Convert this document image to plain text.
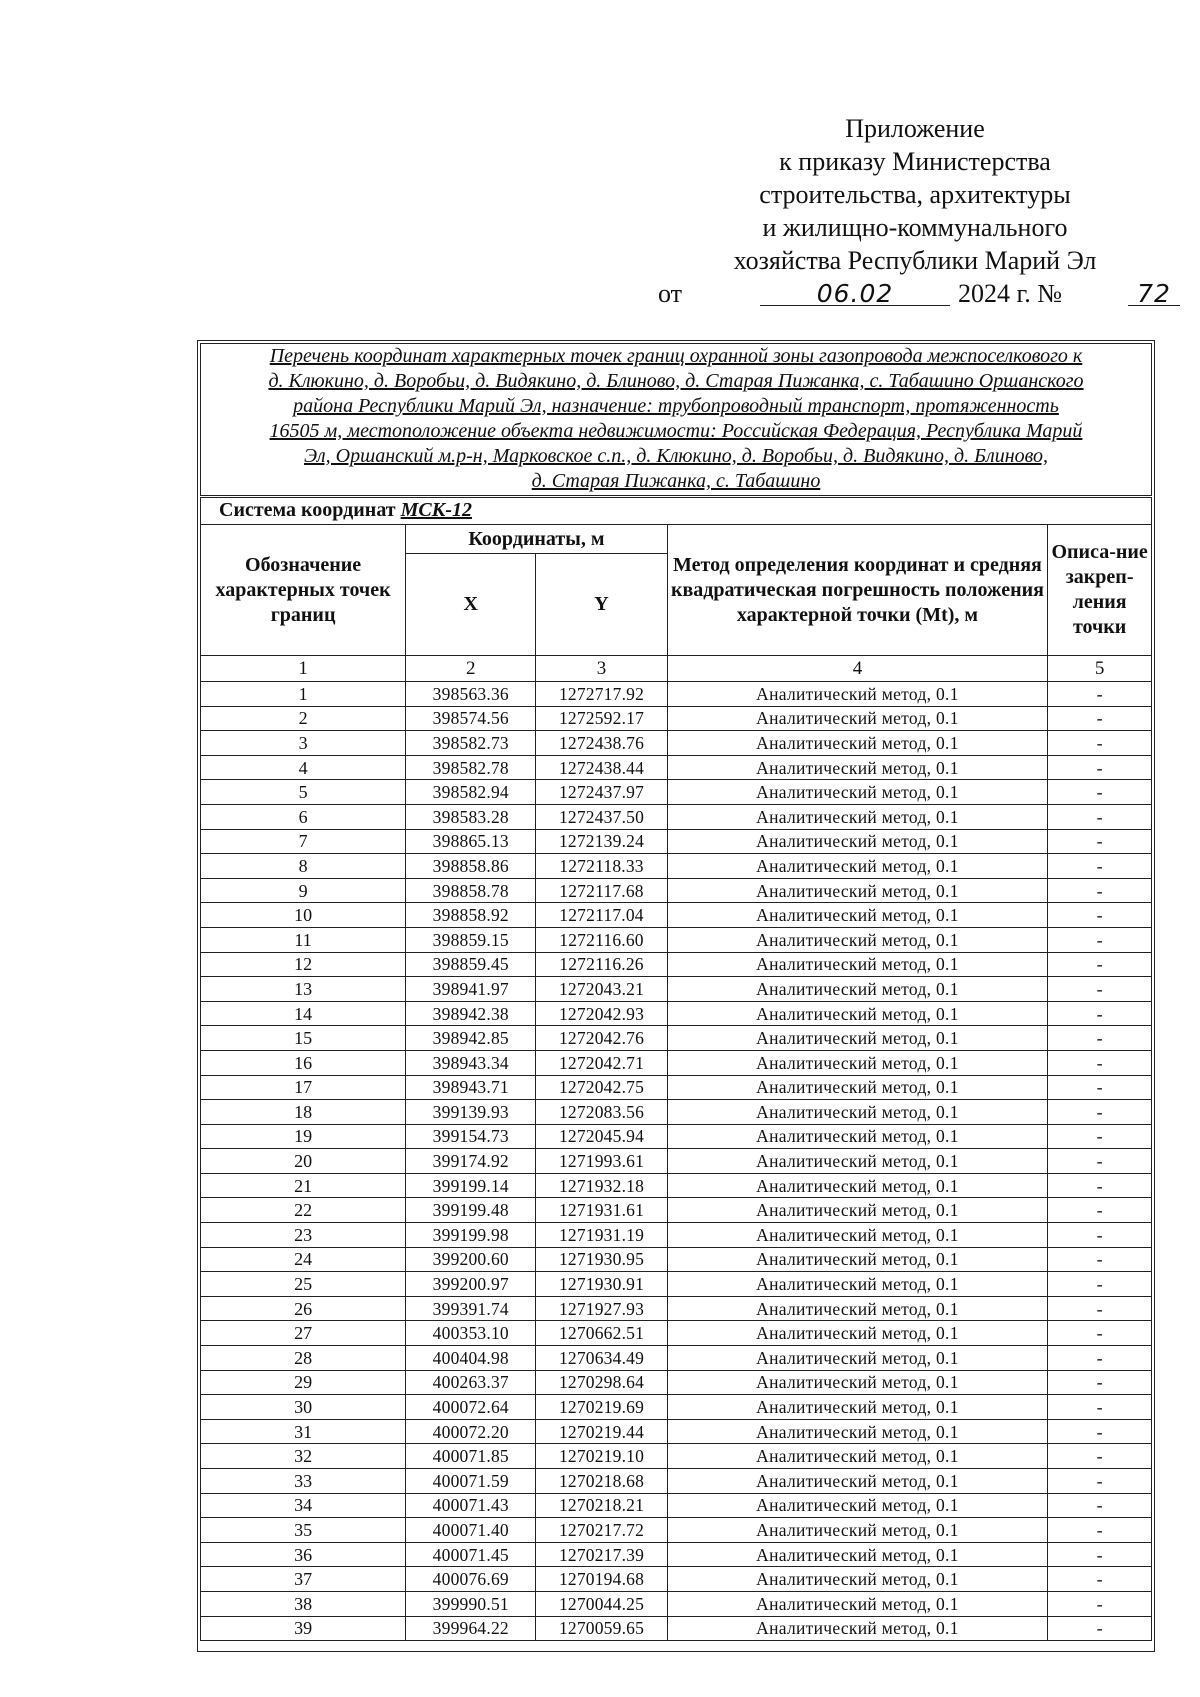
Приложение
к приказу Министерства
строительства, архитектуры
и жилищно-коммунального
хозяйства Республики Марий Эл
от	06.02	2024 г. №	72
Перечень координат характерных точек границ охранной зоны газопровода межпоселкового к
д. Клюкино, д. Воробьи, д. Видякино, д. Блиново, д. Старая Пижанка, с. Табашино Оршанского
района Республики Марий Эл, назначение: трубопроводный транспорт, протяженность
16505 м, местоположение объекта недвижимости: Российская Федерация, Республика Марий
Эл, Оршанский м.р-н, Марковское с.п., д. Клюкино, д. Воробьи, д. Видякино, д. Блиново,
д. Старая Пижанка, с. Табашино
Система координат МСК-12
Обозначение характерных точек границ	Координаты, м		Метод определения координат и средняя квадратическая погрешность положения характерной точки (Mt), м	Описа-ние закреп-ления точки
	X	Y		
1	2	3	4	5
1	398563.36	1272717.92	Аналитический метод, 0.1	-
2	398574.56	1272592.17	Аналитический метод, 0.1	-
3	398582.73	1272438.76	Аналитический метод, 0.1	-
4	398582.78	1272438.44	Аналитический метод, 0.1	-
5	398582.94	1272437.97	Аналитический метод, 0.1	-
6	398583.28	1272437.50	Аналитический метод, 0.1	-
7	398865.13	1272139.24	Аналитический метод, 0.1	-
8	398858.86	1272118.33	Аналитический метод, 0.1	-
9	398858.78	1272117.68	Аналитический метод, 0.1	-
10	398858.92	1272117.04	Аналитический метод, 0.1	-
11	398859.15	1272116.60	Аналитический метод, 0.1	-
12	398859.45	1272116.26	Аналитический метод, 0.1	-
13	398941.97	1272043.21	Аналитический метод, 0.1	-
14	398942.38	1272042.93	Аналитический метод, 0.1	-
15	398942.85	1272042.76	Аналитический метод, 0.1	-
16	398943.34	1272042.71	Аналитический метод, 0.1	-
17	398943.71	1272042.75	Аналитический метод, 0.1	-
18	399139.93	1272083.56	Аналитический метод, 0.1	-
19	399154.73	1272045.94	Аналитический метод, 0.1	-
20	399174.92	1271993.61	Аналитический метод, 0.1	-
21	399199.14	1271932.18	Аналитический метод, 0.1	-
22	399199.48	1271931.61	Аналитический метод, 0.1	-
23	399199.98	1271931.19	Аналитический метод, 0.1	-
24	399200.60	1271930.95	Аналитический метод, 0.1	-
25	399200.97	1271930.91	Аналитический метод, 0.1	-
26	399391.74	1271927.93	Аналитический метод, 0.1	-
27	400353.10	1270662.51	Аналитический метод, 0.1	-
28	400404.98	1270634.49	Аналитический метод, 0.1	-
29	400263.37	1270298.64	Аналитический метод, 0.1	-
30	400072.64	1270219.69	Аналитический метод, 0.1	-
31	400072.20	1270219.44	Аналитический метод, 0.1	-
32	400071.85	1270219.10	Аналитический метод, 0.1	-
33	400071.59	1270218.68	Аналитический метод, 0.1	-
34	400071.43	1270218.21	Аналитический метод, 0.1	-
35	400071.40	1270217.72	Аналитический метод, 0.1	-
36	400071.45	1270217.39	Аналитический метод, 0.1	-
37	400076.69	1270194.68	Аналитический метод, 0.1	-
38	399990.51	1270044.25	Аналитический метод, 0.1	-
39	399964.22	1270059.65	Аналитический метод, 0.1	-
